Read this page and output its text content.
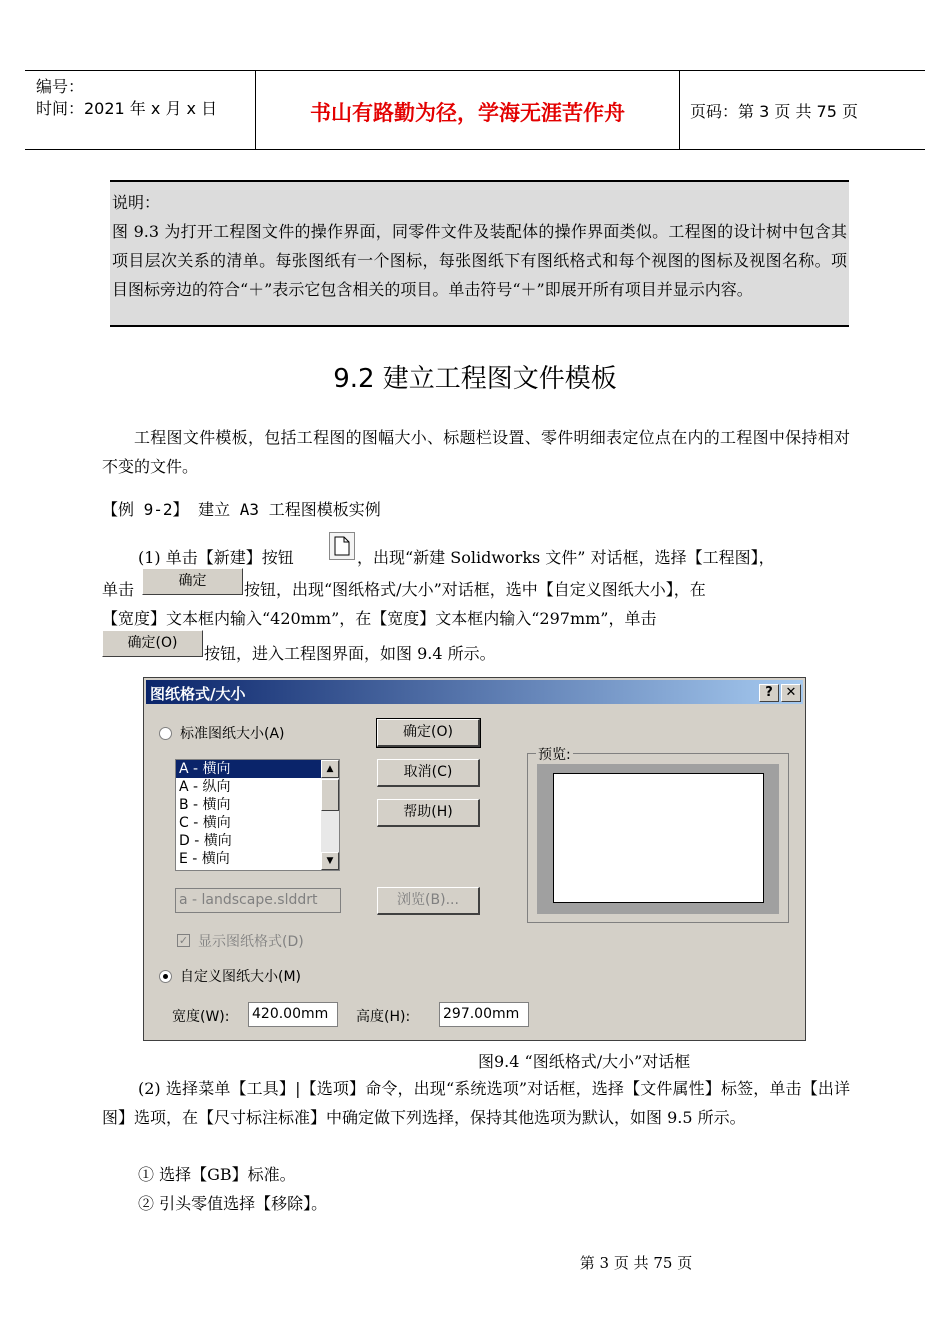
编号：
时间：2021 年 x 月 x 日	书山有路勤为径，学海无涯苦作舟	页码：第 3 页 共 75 页
说明：
图 9.3 为打开工程图文件的操作界面，同零件文件及装配体的操作界面类似。工程图的设计树中包含其项目层次关系的清单。每张图纸有一个图标，每张图纸下有图纸格式和每个视图的图标及视图名称。项目图标旁边的符合“＋”表示它包含相关的项目。单击符号“＋”即展开所有项目并显示内容。
9.2 建立工程图文件模板
工程图文件模板，包括工程图的图幅大小、标题栏设置、零件明细表定位点在内的工程图中保持相对不变的文件。
【例 9-2】 建立 A3 工程图模板实例
(1) 单击【新建】按钮	，出现“新建 Solidworks 文件” 对话框，选择【工程图】，
单击	确定	按钮，出现“图纸格式/大小”对话框，选中【自定义图纸大小】，在
【宽度】文本框内输入“420mm”，在【宽度】文本框内输入“297mm”，单击
确定(O)
按钮，进入工程图界面，如图 9.4 所示。
图纸格式/大小	? ✕
标准图纸大小(A)
A - 横向
A - 纵向
B - 横向
C - 横向
D - 横向
E - 横向
▲
▼
a - landscape.slddrt
✓ 显示图纸格式(D)
自定义图纸大小(M)
宽度(W): 420.00mm	高度(H): 297.00mm
确定(O)
取消(C)
帮助(H)
浏览(B)...
预览:
图9.4 “图纸格式/大小”对话框
(2) 选择菜单【工具】|【选项】命令，出现“系统选项”对话框，选择【文件属性】标签，单击【出详图】选项，在【尺寸标注标准】中确定做下列选择，保持其他选项为默认，如图 9.5 所示。
① 选择【GB】标准。
② 引头零值选择【移除】。
第 3 页 共 75 页
